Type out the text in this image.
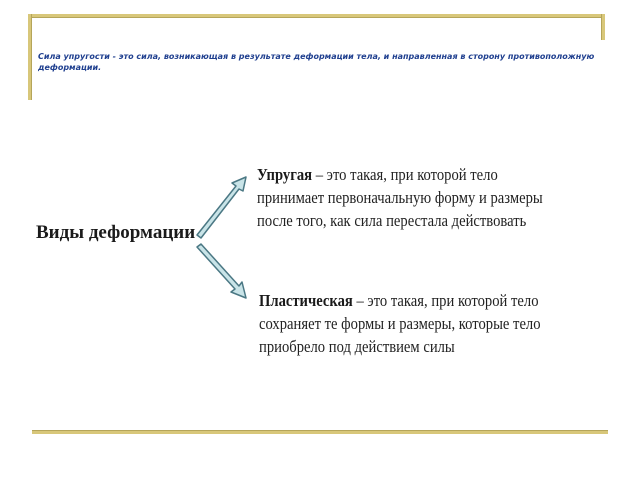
Сила упругости - это сила, возникающая в результате деформации тела, и направленная в сторону противоположную деформации.
Виды деформации
Упругая – это такая, при которой тело
принимает первоначальную форму и размеры
после того, как сила перестала действовать
Пластическая – это такая, при которой тело
сохраняет те формы и размеры, которые тело
приобрело под действием силы
